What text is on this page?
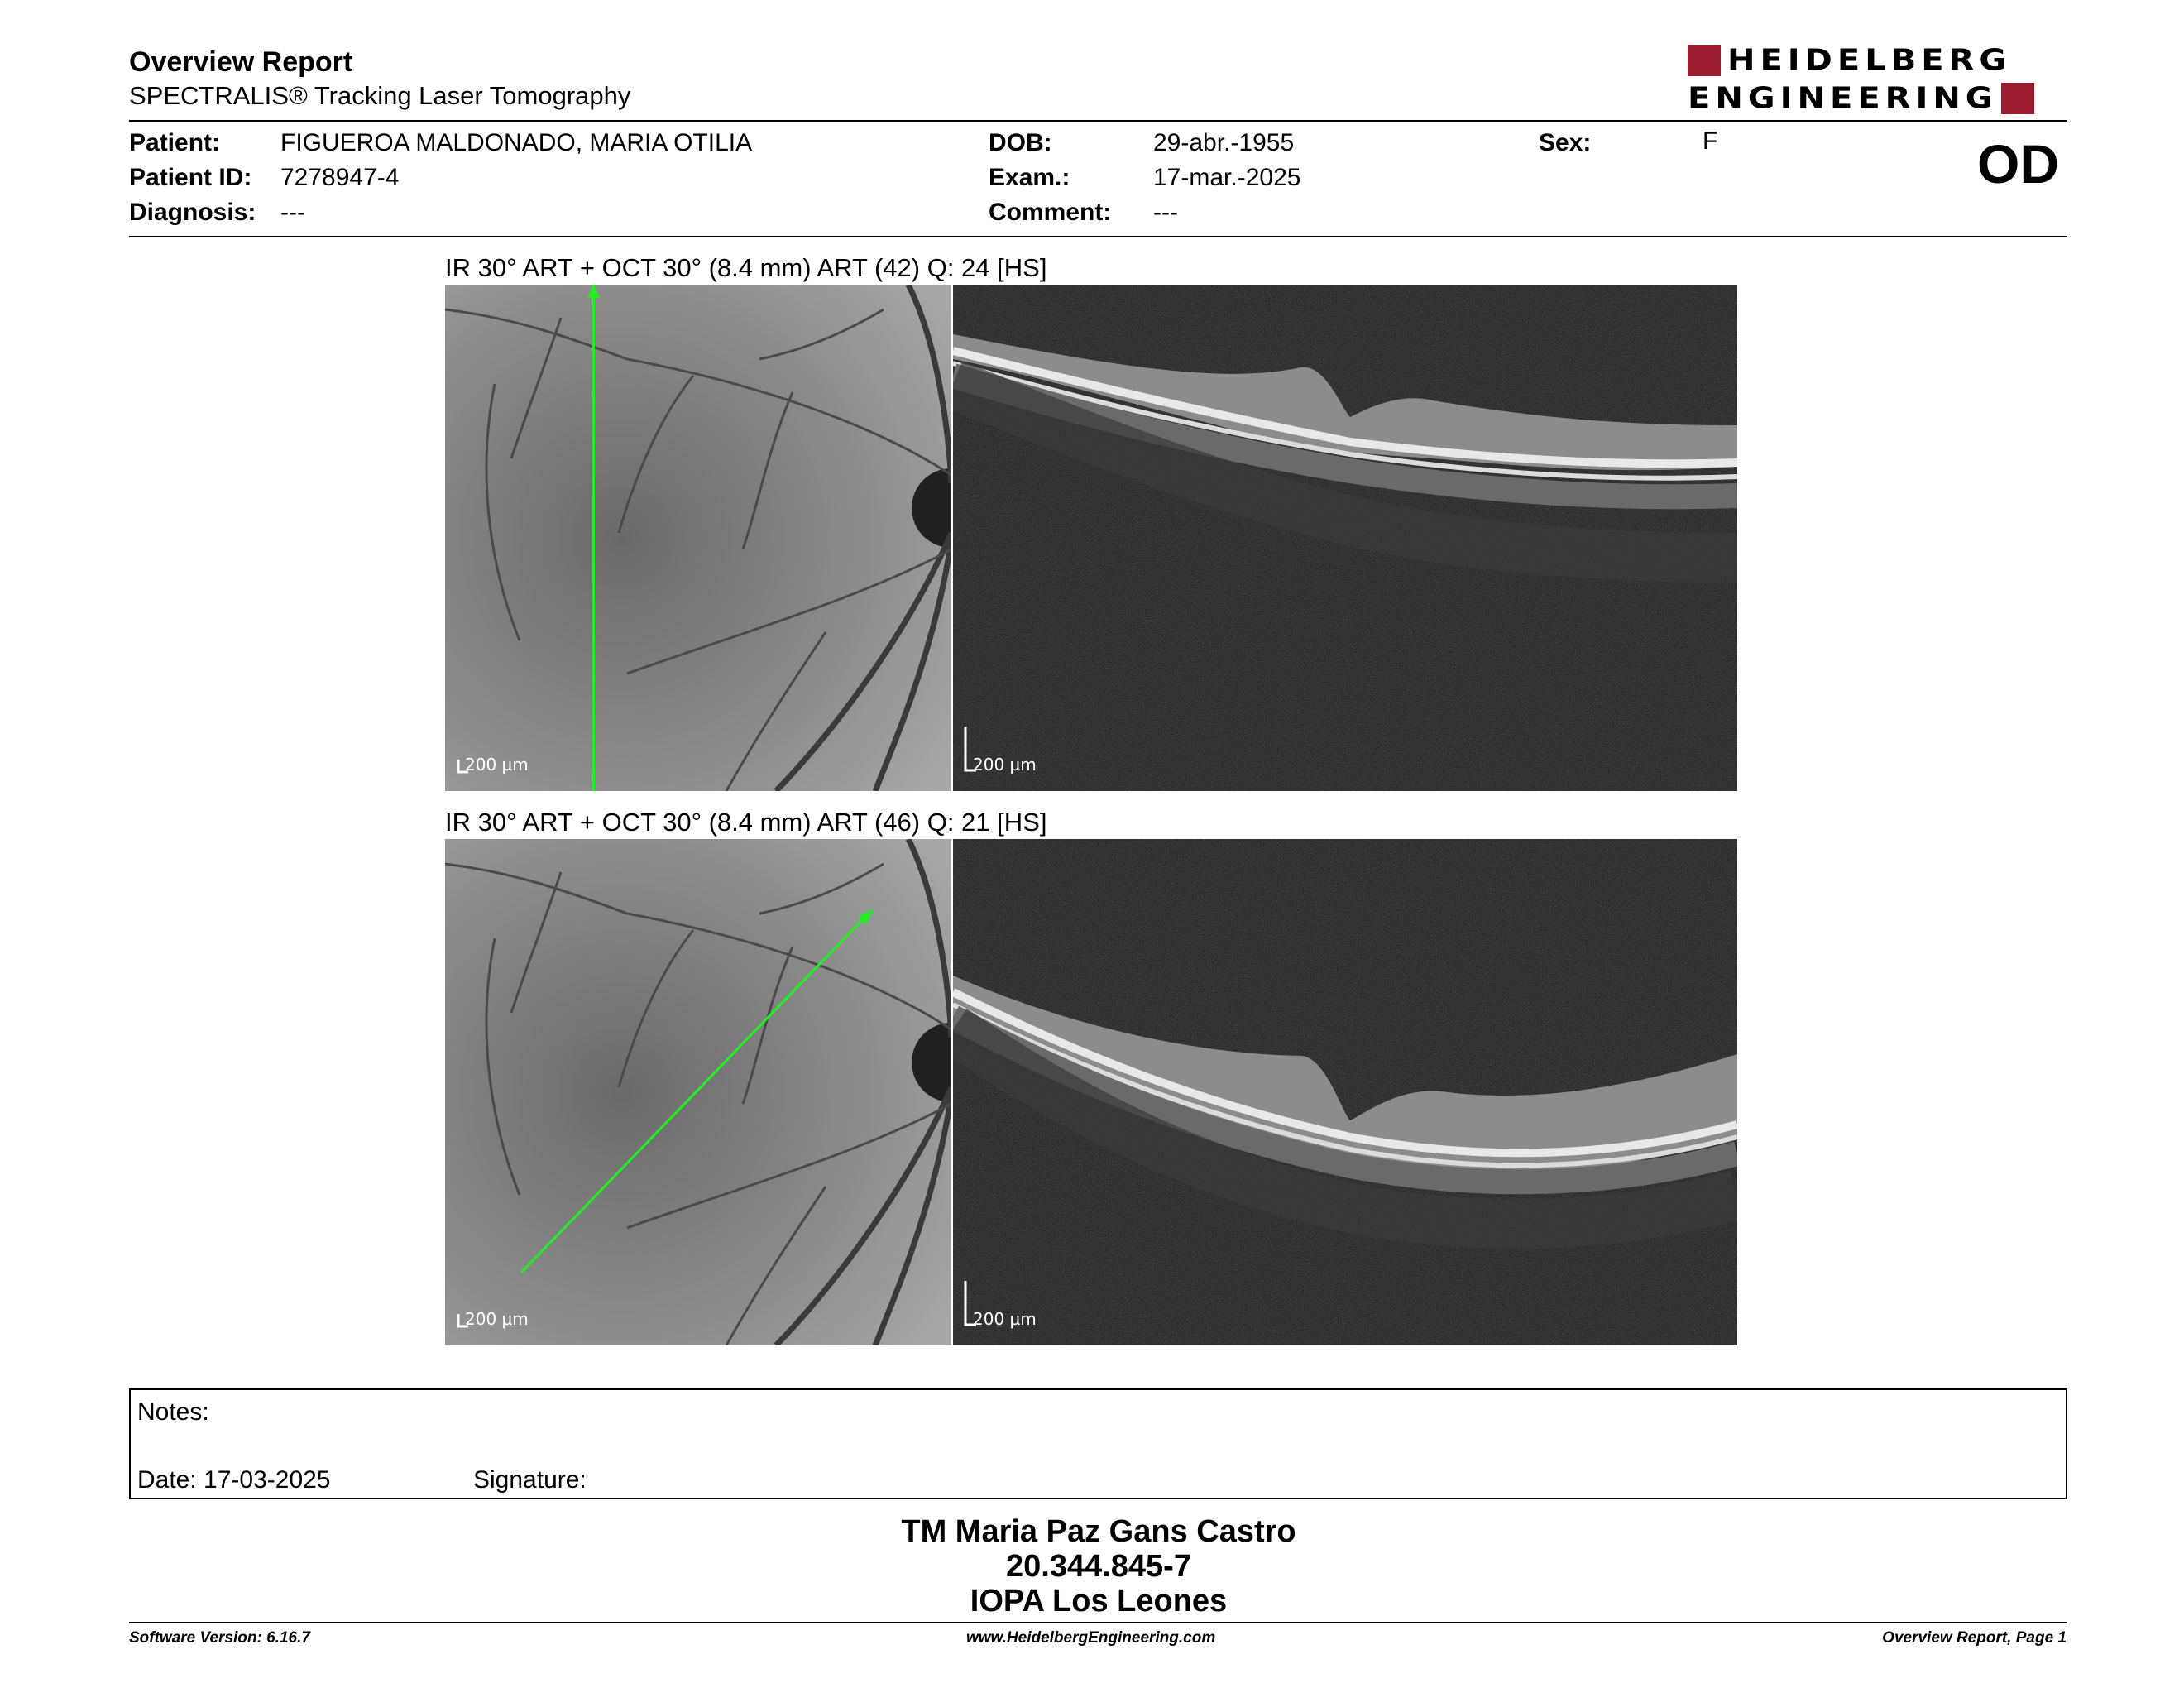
Overview Report
SPECTRALIS® Tracking Laser Tomography
HEIDELBERG
ENGINEERING
Patient: FIGUEROA MALDONADO, MARIA OTILIA
Patient ID: 7278947-4
Diagnosis: ---
DOB:	29-abr.-1955
Exam.:	17-mar.-2025
Comment: ---
Sex:	F	OD
IR 30° ART + OCT 30° (8.4 mm) ART (42) Q: 24 [HS]
200 µm	200 µm
IR 30° ART + OCT 30° (8.4 mm) ART (46) Q: 21 [HS]
200 µm	200 µm
Notes:
Date: 17-03-2025	Signature:
TM Maria Paz Gans Castro
20.344.845-7
IOPA Los Leones
Software Version: 6.16.7	www.HeidelbergEngineering.com	Overview Report, Page 1
